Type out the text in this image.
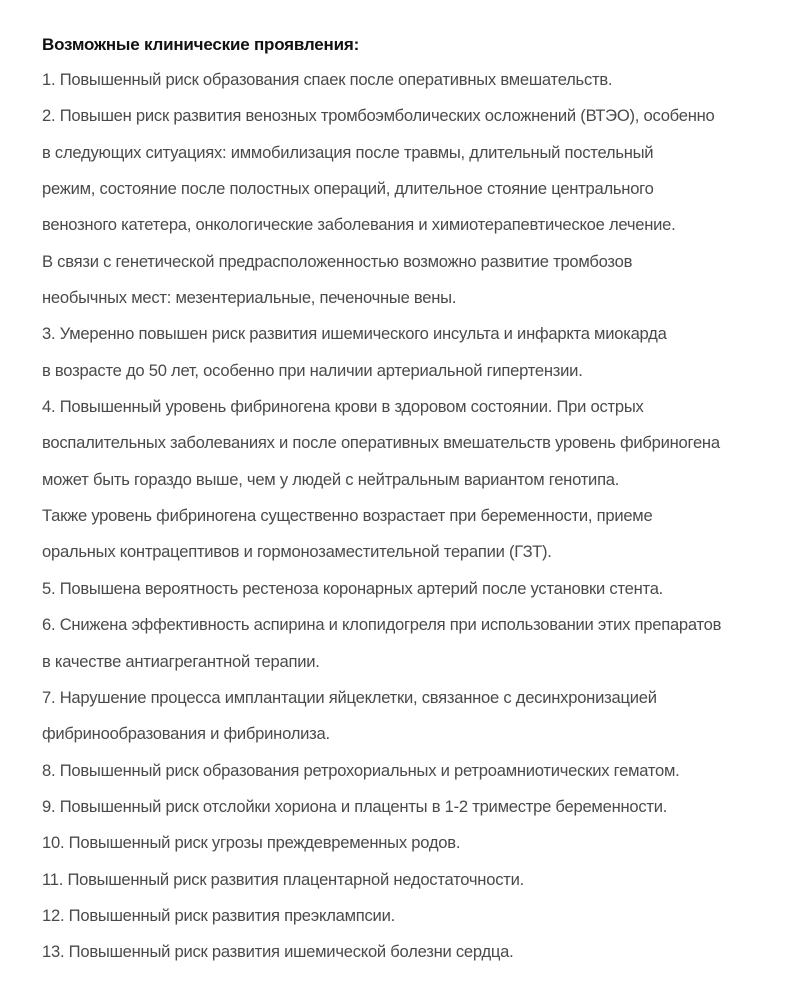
Возможные клинические проявления:
1. Повышенный риск образования спаек после оперативных вмешательств.
2. Повышен риск развития венозных тромбоэмболических осложнений (ВТЭО), особенно
в следующих ситуациях: иммобилизация после травмы, длительный постельный
режим, состояние после полостных операций, длительное стояние центрального
венозного катетера, онкологические заболевания и химиотерапевтическое лечение.
В связи с генетической предрасположенностью возможно развитие тромбозов
необычных мест: мезентериальные, печеночные вены.
3. Умеренно повышен риск развития ишемического инсульта и инфаркта миокарда
в возрасте до 50 лет, особенно при наличии артериальной гипертензии.
4. Повышенный уровень фибриногена крови в здоровом состоянии. При острых
воспалительных заболеваниях и после оперативных вмешательств уровень фибриногена
может быть гораздо выше, чем у людей с нейтральным вариантом генотипа.
Также уровень фибриногена существенно возрастает при беременности, приеме
оральных контрацептивов и гормонозаместительной терапии (ГЗТ).
5. Повышена вероятность рестеноза коронарных артерий после установки стента.
6. Снижена эффективность аспирина и клопидогреля при использовании этих препаратов
в качестве антиагрегантной терапии.
7. Нарушение процесса имплантации яйцеклетки, связанное с десинхронизацией
фибринообразования и фибринолиза.
8. Повышенный риск образования ретрохориальных и ретроамниотических гематом.
9. Повышенный риск отслойки хориона и плаценты в 1-2 триместре беременности.
10. Повышенный риск угрозы преждевременных родов.
11. Повышенный риск развития плацентарной недостаточности.
12. Повышенный риск развития преэклампсии.
13. Повышенный риск развития ишемической болезни сердца.
